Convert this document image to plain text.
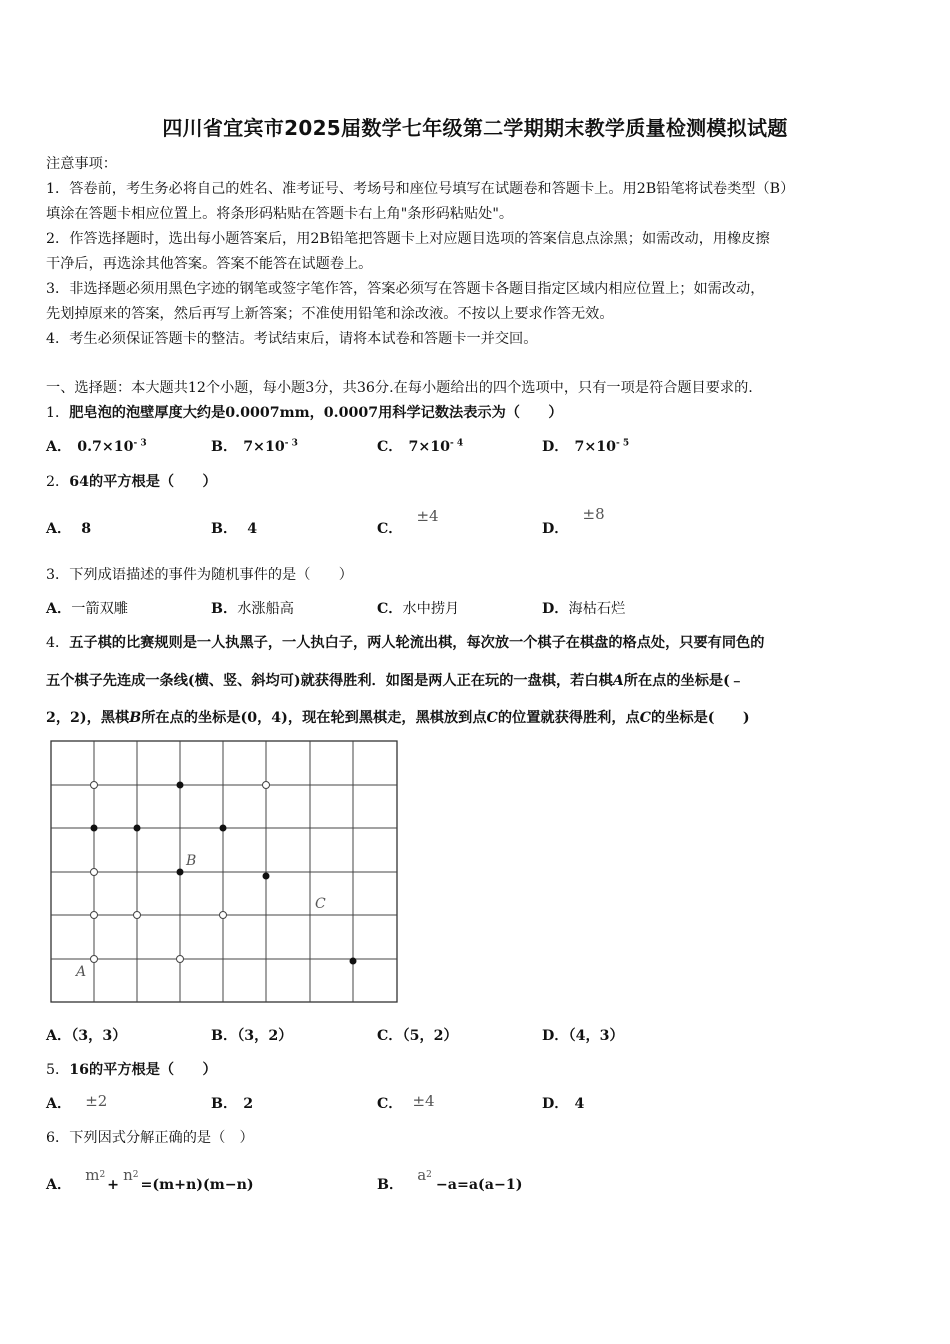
四川省宜宾市2025届数学七年级第二学期期末教学质量检测模拟试题
注意事项：
1．答卷前，考生务必将自己的姓名、准考证号、考场号和座位号填写在试题卷和答题卡上。用2B铅笔将试卷类型（B）
填涂在答题卡相应位置上。将条形码粘贴在答题卡右上角"条形码粘贴处"。
2．作答选择题时，选出每小题答案后，用2B铅笔把答题卡上对应题目选项的答案信息点涂黑；如需改动，用橡皮擦
干净后，再选涂其他答案。答案不能答在试题卷上。
3．非选择题必须用黑色字迹的钢笔或签字笔作答，答案必须写在答题卡各题目指定区域内相应位置上；如需改动，
先划掉原来的答案，然后再写上新答案；不准使用铅笔和涂改液。不按以上要求作答无效。
4．考生必须保证答题卡的整洁。考试结束后，请将本试卷和答题卡一并交回。
一、选择题：本大题共12个小题，每小题3分，共36分.在每小题给出的四个选项中，只有一项是符合题目要求的.
1．肥皂泡的泡壁厚度大约是0.0007mm，0.0007用科学记数法表示为（　　）
A． $0.7\times 10^{- 3}$	B． $7\times 10^{- 3}$	C． $7\times 10^{- 4}$	D． $7\times 10^{- 5}$
2．64的平方根是（　　）
A． 8	B． 4	C．±4
D．±8
3．下列成语描述的事件为随机事件的是（　　）
A．一箭双雕	B．水涨船高	C．水中捞月	D．海枯石烂
4．五子棋的比赛规则是一人执黑子，一人执白子，两人轮流出棋，每次放一个棋子在棋盘的格点处，只要有同色的
五个棋子先连成一条线(横、竖、斜均可)就获得胜利．如图是两人正在玩的一盘棋，若白棋A所在点的坐标是(﹣
2，2)，黑棋B所在点的坐标是(0，4)，现在轮到黑棋走，黑棋放到点C的位置就获得胜利，点C的坐标是(　　)
B
C
A
A．（3，3）	B．（3，2）	C．（5，2）	D．（4，3）
5．16的平方根是（　　）
A． ±2	B． 2	C． ±4	D． 4
6．下列因式分解正确的是（　）
A．$m^2+n^2=(m+n)(m-n)$	B．$a^2-a=a(a-1)$
